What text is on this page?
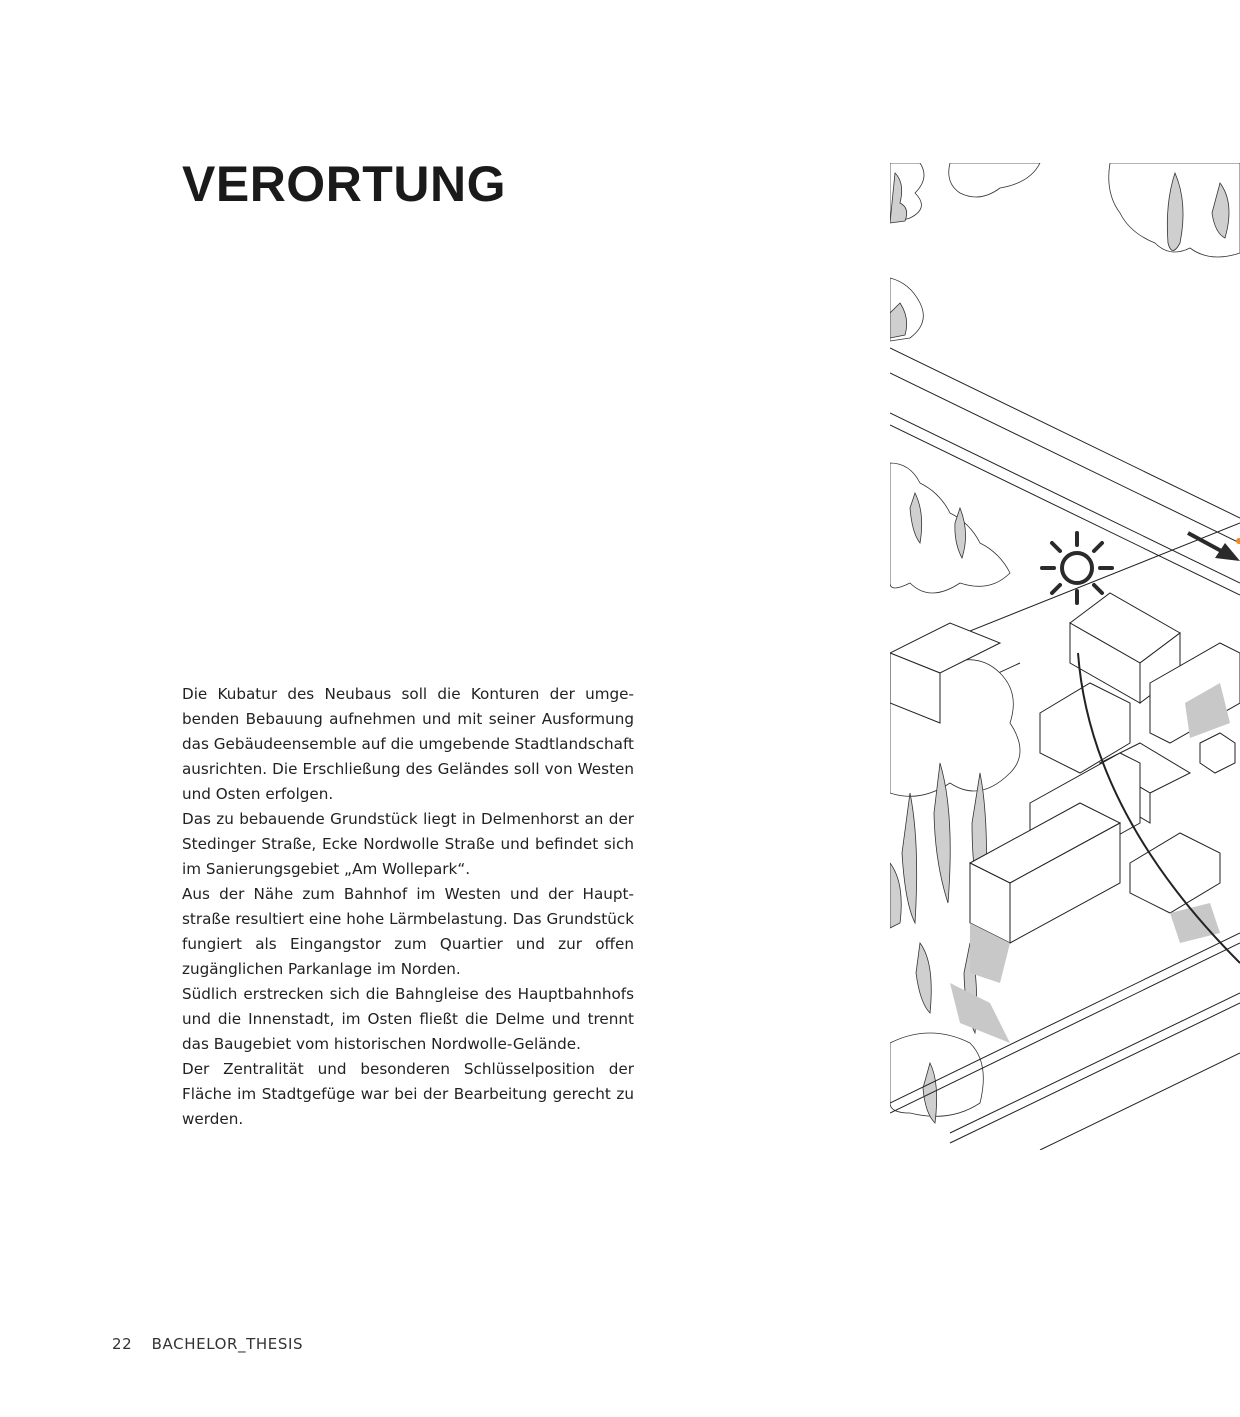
VERORTUNG

Die Kubatur des Neubaus soll die Konturen der umgebenden Bebauung aufnehmen und mit seiner Ausformung das Gebäudeensemble auf die umgebende Stadtlandschaft ausrichten. Die Erschließung des Geländes soll von Westen und Osten erfolgen.

Das zu bebauende Grundstück liegt in Delmenhorst an der Stedinger Straße, Ecke Nordwolle Straße und befindet sich im Sanierungsgebiet „Am Wollepark“.

Aus der Nähe zum Bahnhof im Westen und der Hauptstraße resultiert eine hohe Lärmbelastung. Das Grundstück fungiert als Eingangstor zum Quartier und zur offen zugänglichen Parkanlage im Norden.

Südlich erstrecken sich die Bahngleise des Hauptbahnhofs und die Innenstadt, im Osten fließt die Delme und trennt das Baugebiet vom historischen Nordwolle-Gelände.

Der Zentralität und besonderen Schlüsselposition der Fläche im Stadtgefüge war bei der Bearbeitung gerecht zu werden.

22 BACHELOR_THESIS
